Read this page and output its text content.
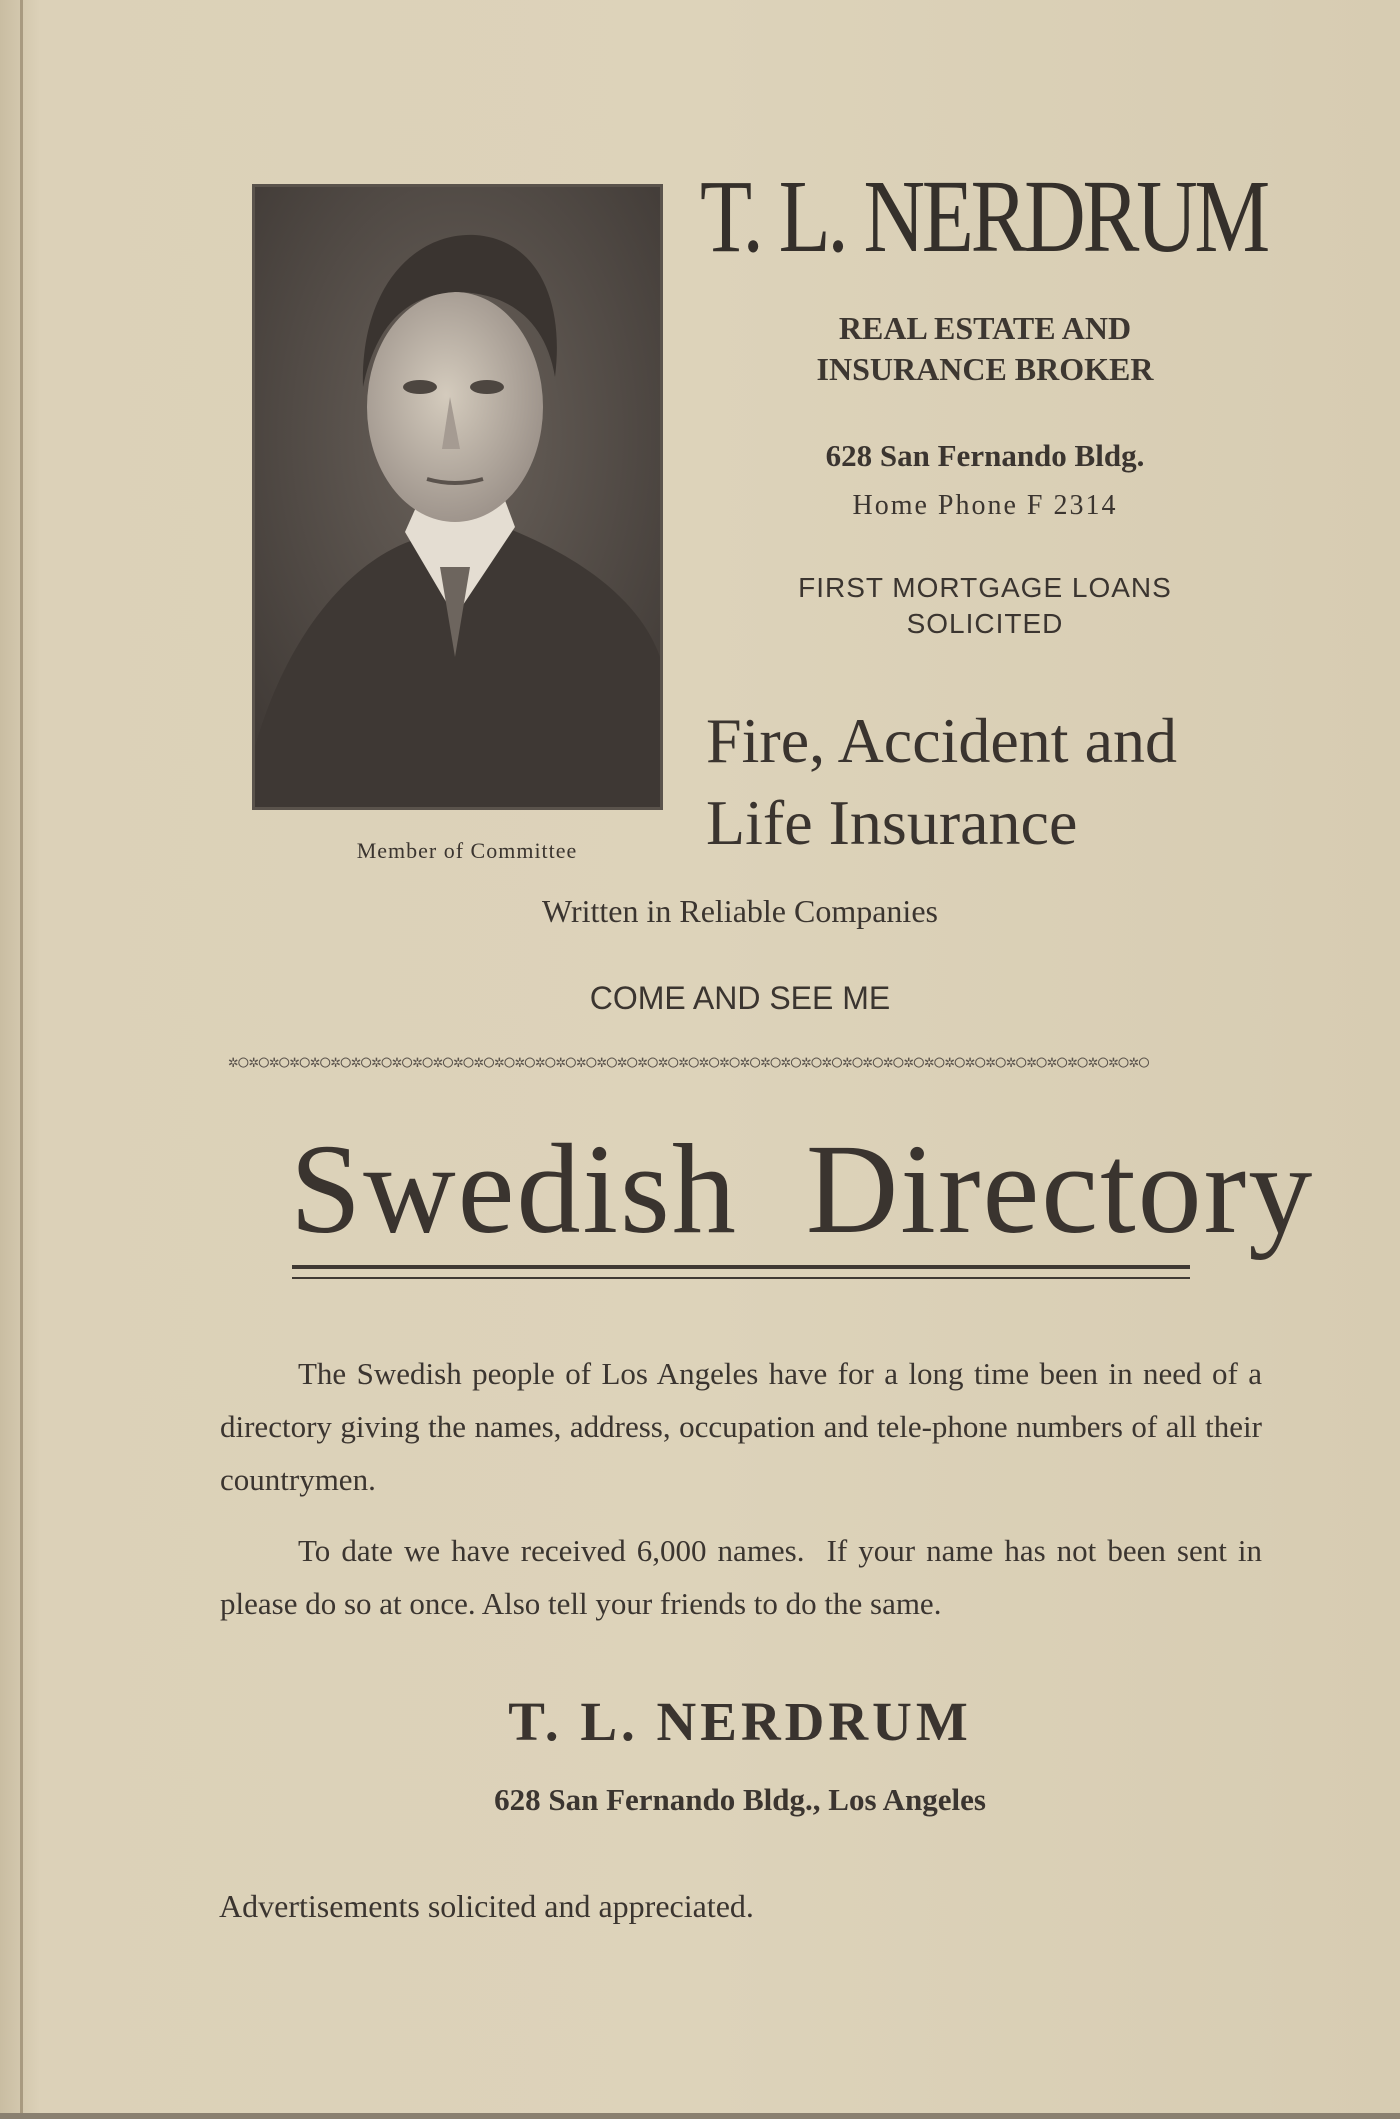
Member of Committee
T. L. NERDRUM
REAL ESTATE AND
INSURANCE BROKER
628 San Fernando Bldg.
Home Phone F 2314
FIRST MORTGAGE LOANS
SOLICITED
Fire, Accident and
Life Insurance
Written in Reliable Companies
COME AND SEE ME
✲○✲○✲○✲○✲○✲○✲○✲○✲○✲○✲○✲○✲○✲○✲○✲○✲○✲○✲○✲○✲○✲○✲○✲○✲○✲○✲○✲○✲○✲○✲○✲○✲○✲○✲○✲○✲○✲○✲○✲○✲○✲○✲○✲○✲○
Swedish  Directory
The Swedish people of Los Angeles have for a long time been in need of a directory giving the names, address, occupation and tele-phone numbers of all their countrymen.
To date we have received 6,000 names.  If your name has not been sent in please do so at once. Also tell your friends to do the same.
T. L. NERDRUM
628 San Fernando Bldg., Los Angeles
Advertisements solicited and appreciated.
